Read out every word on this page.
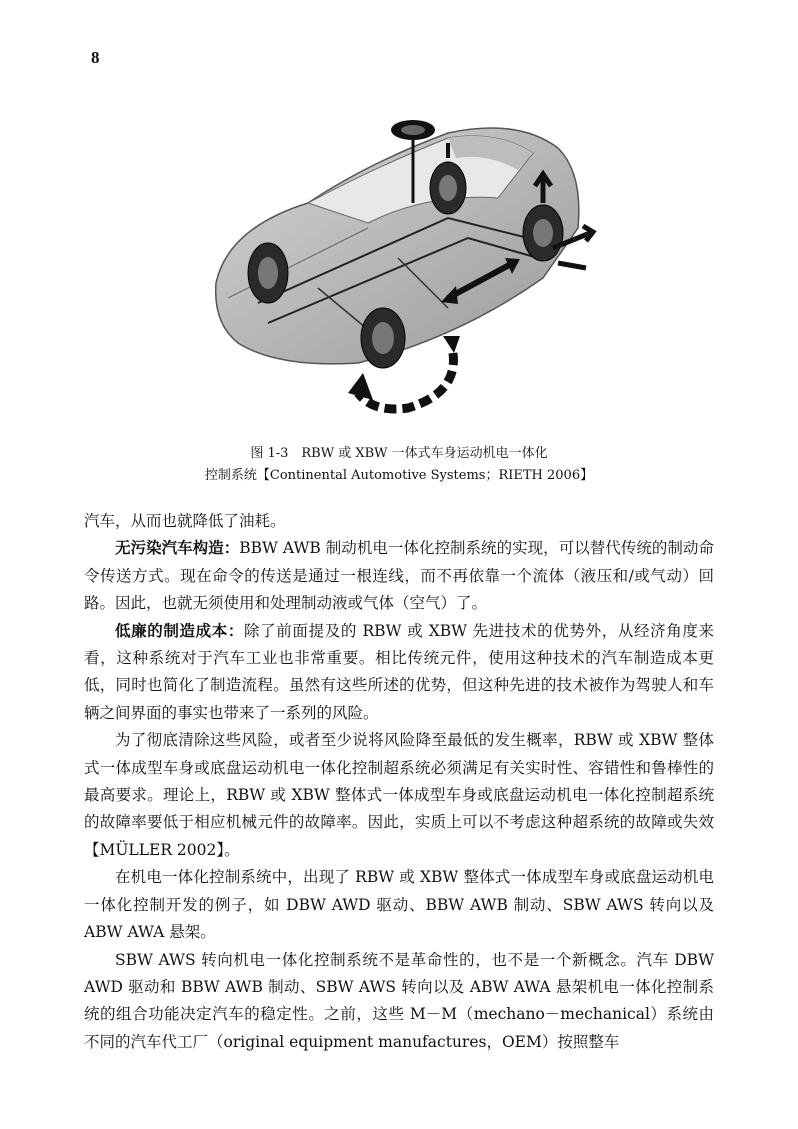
8
图 1-3　RBW 或 XBW 一体式车身运动机电一体化
控制系统【Continental Automotive Systems；RIETH 2006】

汽车，从而也就降低了油耗。

无污染汽车构造：BBW AWB 制动机电一体化控制系统的实现，可以替代传统的制动命令传送方式。现在命令的传送是通过一根连线，而不再依靠一个流体（液压和/或气动）回路。因此，也就无须使用和处理制动液或气体（空气）了。

低廉的制造成本：除了前面提及的 RBW 或 XBW 先进技术的优势外，从经济角度来看，这种系统对于汽车工业也非常重要。相比传统元件，使用这种技术的汽车制造成本更低，同时也简化了制造流程。虽然有这些所述的优势，但这种先进的技术被作为驾驶人和车辆之间界面的事实也带来了一系列的风险。

为了彻底清除这些风险，或者至少说将风险降至最低的发生概率，RBW 或 XBW 整体式一体成型车身或底盘运动机电一体化控制超系统必须满足有关实时性、容错性和鲁棒性的最高要求。理论上，RBW 或 XBW 整体式一体成型车身或底盘运动机电一体化控制超系统的故障率要低于相应机械元件的故障率。因此，实质上可以不考虑这种超系统的故障或失效【MÜLLER 2002】。

在机电一体化控制系统中，出现了 RBW 或 XBW 整体式一体成型车身或底盘运动机电一体化控制开发的例子，如 DBW AWD 驱动、BBW AWB 制动、SBW AWS 转向以及 ABW AWA 悬架。

SBW AWS 转向机电一体化控制系统不是革命性的，也不是一个新概念。汽车 DBW AWD 驱动和 BBW AWB 制动、SBW AWS 转向以及 ABW AWA 悬架机电一体化控制系统的组合功能决定汽车的稳定性。之前，这些 M－M（mechano－mechanical）系统由不同的汽车代工厂（original equipment manufactures，OEM）按照整车
